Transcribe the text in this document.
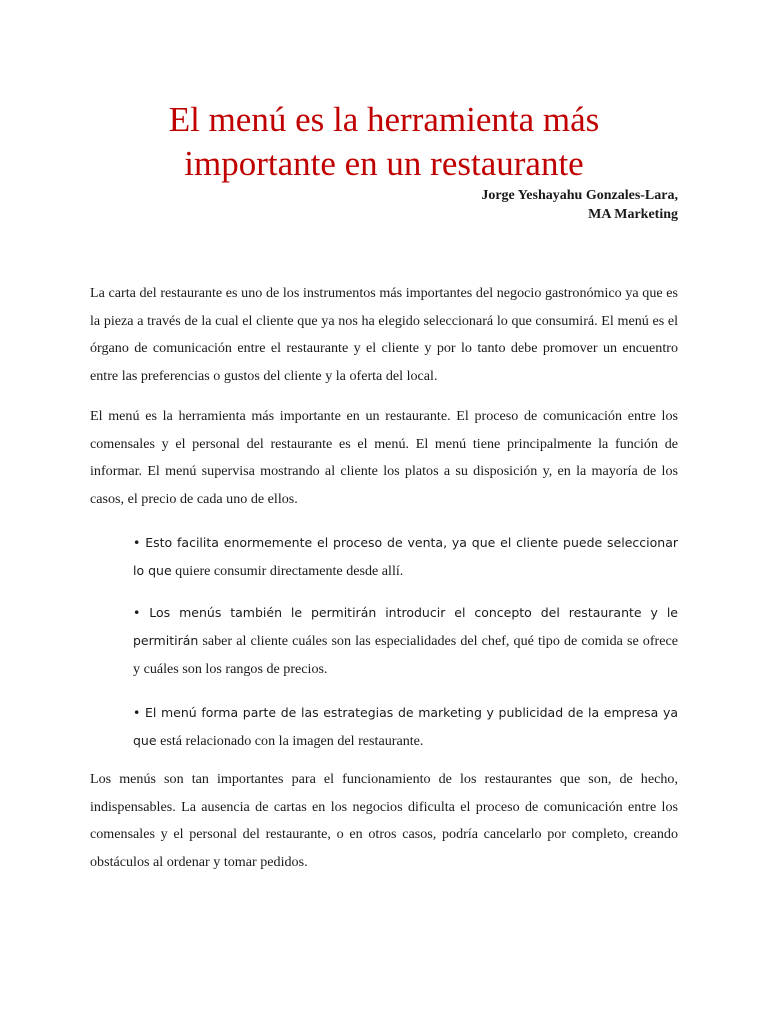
El menú es la herramienta más importante en un restaurante
Jorge Yeshayahu Gonzales-Lara,
MA Marketing

La carta del restaurante es uno de los instrumentos más importantes del negocio gastronómico ya que es la pieza a través de la cual el cliente que ya nos ha elegido seleccionará lo que consumirá. El menú es el órgano de comunicación entre el restaurante y el cliente y por lo tanto debe promover un encuentro entre las preferencias o gustos del cliente y la oferta del local.

El menú es la herramienta más importante en un restaurante. El proceso de comunicación entre los comensales y el personal del restaurante es el menú. El menú tiene principalmente la función de informar. El menú supervisa mostrando al cliente los platos a su disposición y, en la mayoría de los casos, el precio de cada uno de ellos.

• Esto facilita enormemente el proceso de venta, ya que el cliente puede seleccionar lo que quiere consumir directamente desde allí.

• Los menús también le permitirán introducir el concepto del restaurante y le permitirán saber al cliente cuáles son las especialidades del chef, qué tipo de comida se ofrece y cuáles son los rangos de precios.

• El menú forma parte de las estrategias de marketing y publicidad de la empresa ya que está relacionado con la imagen del restaurante.

Los menús son tan importantes para el funcionamiento de los restaurantes que son, de hecho, indispensables. La ausencia de cartas en los negocios dificulta el proceso de comunicación entre los comensales y el personal del restaurante, o en otros casos, podría cancelarlo por completo, creando obstáculos al ordenar y tomar pedidos.
